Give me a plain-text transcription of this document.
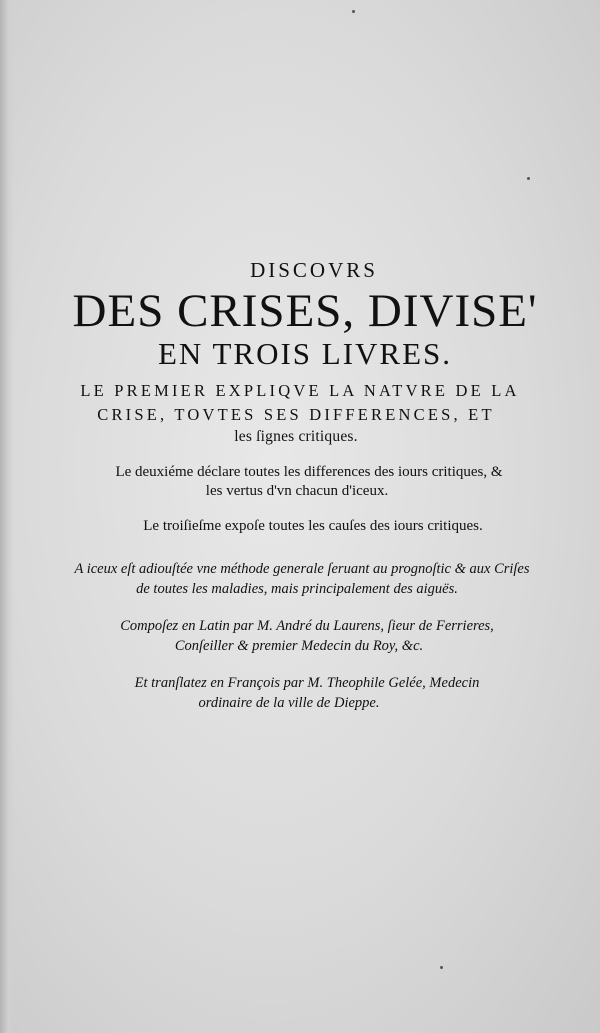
DISCOVRS

DES CRISES, DIVISE'

EN TROIS LIVRES.

LE PREMIER EXPLIQVE LA NATVRE DE LA

CRISE, TOVTES SES DIFFERENCES, ET

les ſignes critiques.

Le deuxiéme déclare toutes les differences des iours critiques, &

les vertus d'vn chacun d'iceux.

Le troiſieſme expoſe toutes les cauſes des iours critiques.

A iceux eſt adiouſtée vne méthode generale ſeruant au prognoſtic & aux Criſes

de toutes les maladies, mais principalement des aiguës.

Compoſez en Latin par M. André du Laurens, ſieur de Ferrieres,

Conſeiller & premier Medecin du Roy, &c.

Et tranſlatez en François par M. Theophile Gelée, Medecin

ordinaire de la ville de Dieppe.
